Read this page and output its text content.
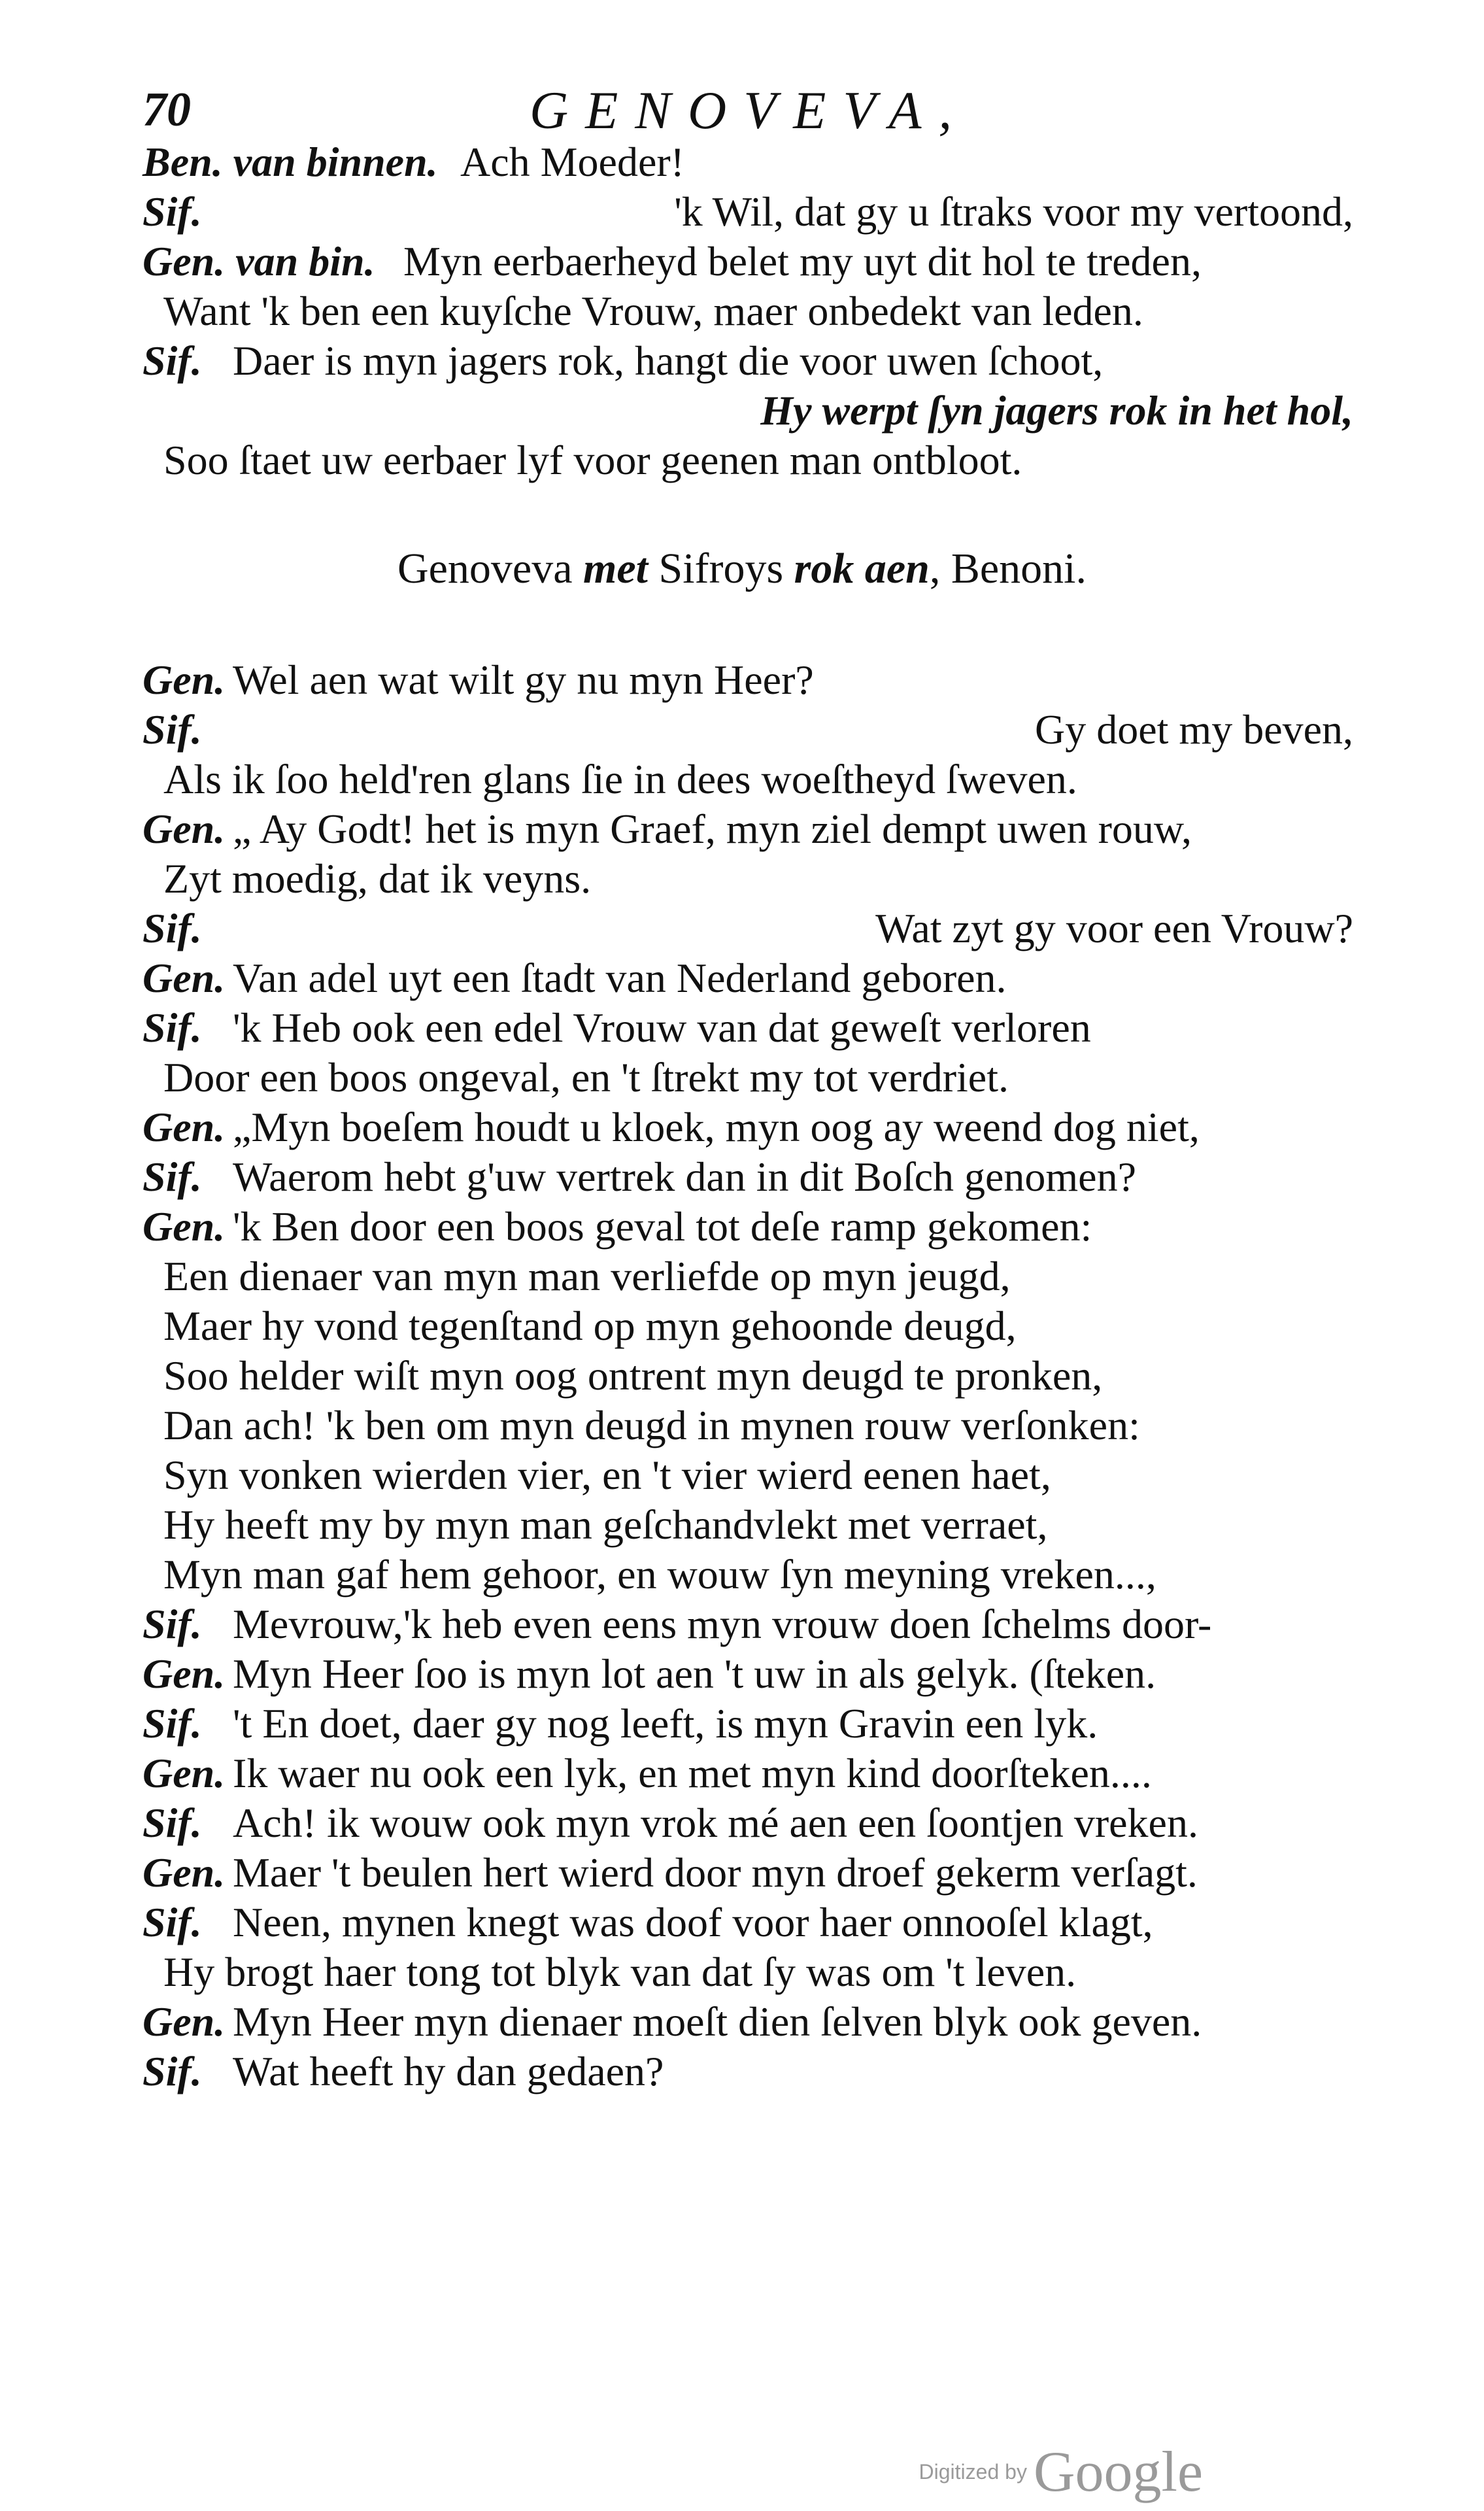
70	GENOVEVA,
Ben. van binnen. Ach Moeder!
Sif.	'k Wil, dat gy u ſtraks voor my vertoond,
Gen. van bin. Myn eerbaerheyd belet my uyt dit hol te treden,
Want 'k ben een kuyſche Vrouw, maer onbedekt van leden.
Sif. Daer is myn jagers rok, hangt die voor uwen ſchoot,
Hy werpt ſyn jagers rok in het hol,
Soo ſtaet uw eerbaer lyf voor geenen man ontbloot.
Genoveva met Sifroys rok aen, Benoni.
Gen. Wel aen wat wilt gy nu myn Heer?
Sif.	Gy doet my beven,
Als ik ſoo held'ren glans ſie in dees woeſtheyd ſweven.
Gen. „ Ay Godt! het is myn Graef, myn ziel dempt uwen rouw,
Zyt moedig, dat ik veyns.
Sif.	Wat zyt gy voor een Vrouw?
Gen. Van adel uyt een ſtadt van Nederland geboren.
Sif. 'k Heb ook een edel Vrouw van dat geweſt verloren
Door een boos ongeval, en 't ſtrekt my tot verdriet.
Gen. „Myn boeſem houdt u kloek, myn oog ay weend dog niet,
Sif. Waerom hebt g'uw vertrek dan in dit Boſch genomen?
Gen. 'k Ben door een boos geval tot deſe ramp gekomen:
Een dienaer van myn man verliefde op myn jeugd,
Maer hy vond tegenſtand op myn gehoonde deugd,
Soo helder wiſt myn oog ontrent myn deugd te pronken,
Dan ach! 'k ben om myn deugd in mynen rouw verſonken:
Syn vonken wierden vier, en 't vier wierd eenen haet,
Hy heeft my by myn man geſchandvlekt met verraet,
Myn man gaf hem gehoor, en wouw ſyn meyning vreken...,
Sif. Mevrouw,'k heb even eens myn vrouw doen ſchelms door-
Gen. Myn Heer ſoo is myn lot aen 't uw in als gelyk. (ſteken.
Sif. 't En doet, daer gy nog leeft, is myn Gravin een lyk.
Gen. Ik waer nu ook een lyk, en met myn kind doorſteken....
Sif. Ach! ik wouw ook myn vrok mé aen een ſoontjen vreken.
Gen. Maer 't beulen hert wierd door myn droef gekerm verſagt.
Sif. Neen, mynen knegt was doof voor haer onnooſel klagt,
Hy brogt haer tong tot blyk van dat ſy was om 't leven.
Gen. Myn Heer myn dienaer moeſt dien ſelven blyk ook geven.
Sif. Wat heeft hy dan gedaen?
Digitized by Google
